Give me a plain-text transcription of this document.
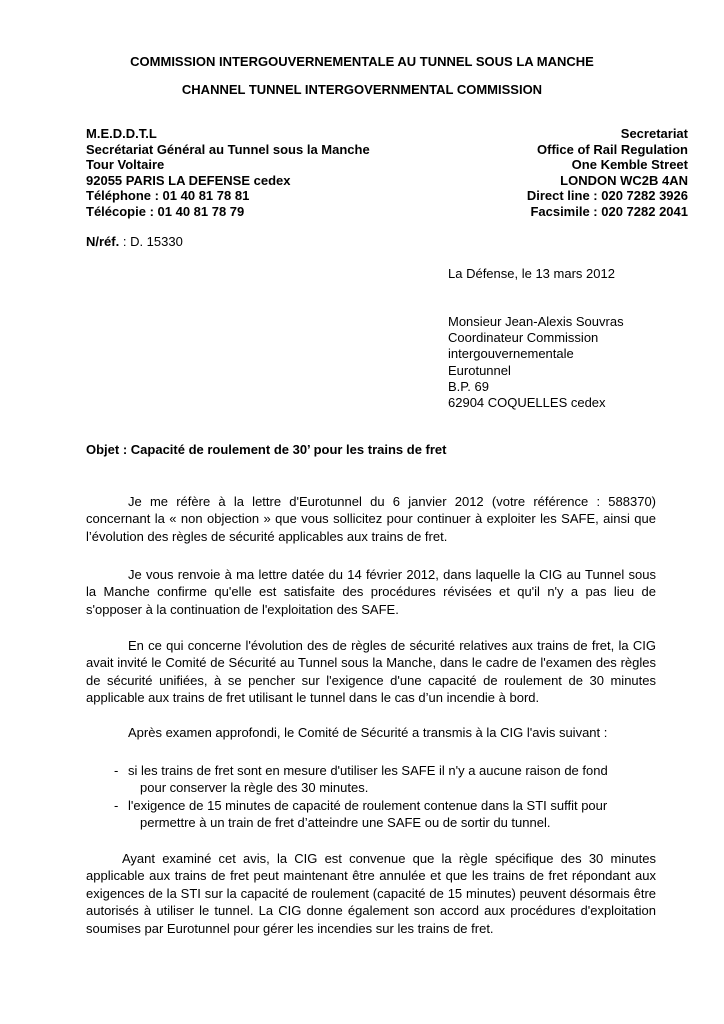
COMMISSION INTERGOUVERNEMENTALE AU TUNNEL SOUS LA MANCHE
CHANNEL TUNNEL INTERGOVERNMENTAL COMMISSION
M.E.D.D.T.L
Secrétariat Général au Tunnel sous la Manche
Tour Voltaire
92055 PARIS LA DEFENSE cedex
Téléphone : 01 40 81 78 81
Télécopie : 01 40 81 78 79
Secretariat
Office of Rail Regulation
One Kemble Street
LONDON WC2B 4AN
Direct line : 020 7282 3926
Facsimile : 020 7282 2041
N/réf. : D. 15330
La Défense, le 13 mars 2012
Monsieur Jean-Alexis Souvras
Coordinateur Commission
intergouvernementale
Eurotunnel
B.P. 69
62904 COQUELLES cedex
Objet : Capacité de roulement de 30’ pour les trains de fret
Je me réfère à la lettre d'Eurotunnel du 6 janvier 2012 (votre référence : 588370) concernant la « non objection » que vous sollicitez pour continuer à exploiter les SAFE, ainsi que l’évolution des règles de sécurité applicables aux trains de fret.
Je vous renvoie à ma lettre datée du 14 février 2012, dans laquelle la CIG au Tunnel sous la Manche confirme qu'elle est satisfaite des procédures révisées et qu'il n'y a pas lieu de s'opposer à la continuation de l'exploitation des SAFE.
En ce qui concerne l'évolution des de règles de sécurité relatives aux trains de fret, la CIG avait invité le Comité de Sécurité au Tunnel sous la Manche, dans le cadre de l'examen des règles de sécurité unifiées, à se pencher sur l'exigence d'une capacité de roulement de 30 minutes applicable aux trains de fret utilisant le tunnel dans le cas d’un incendie à bord.
Après examen approfondi, le Comité de Sécurité a transmis à la CIG l'avis suivant :
- si les trains de fret sont en mesure d'utiliser les SAFE il n'y a aucune raison de fond
pour conserver la règle des 30 minutes.
- l'exigence de 15 minutes de capacité de roulement contenue dans la STI suffit pour
permettre à un train de fret d’atteindre une SAFE ou de sortir du tunnel.
Ayant examiné cet avis, la CIG est convenue que la règle spécifique des 30 minutes applicable aux trains de fret peut maintenant être annulée et que les trains de fret répondant aux exigences de la STI sur la capacité de roulement (capacité de 15 minutes) peuvent désormais être autorisés à utiliser le tunnel. La CIG donne également son accord aux procédures d'exploitation soumises par Eurotunnel pour gérer les incendies sur les trains de fret.
